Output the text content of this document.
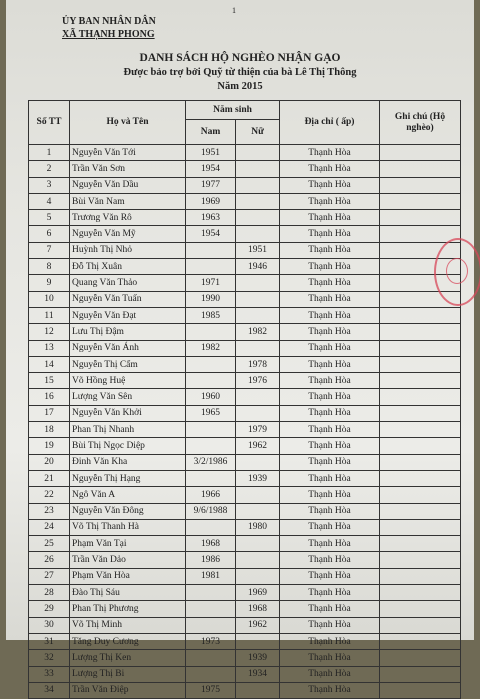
1
ỦY BAN NHÂN DÂN
XÃ THẠNH PHONG
DANH SÁCH HỘ NGHÈO NHẬN GẠO
Được bảo trợ bởi Quỹ từ thiện của bà Lê Thị Thông
Năm 2015
Số TT	Họ và Tên	Năm sinh		Địa chỉ ( ấp)	Ghi chú (Hộ nghèo)
		Nam	Nữ		
1	Nguyễn Văn Tới	1951		Thạnh Hòa	
2	Trần Văn Sơn	1954		Thạnh Hòa	
3	Nguyễn Văn Dầu	1977		Thạnh Hòa	
4	Bùi Văn Nam	1969		Thạnh Hòa	
5	Trương Văn Rô	1963		Thạnh Hòa	
6	Nguyễn Văn Mỹ	1954		Thạnh Hòa	
7	Huỳnh Thị Nhỏ		1951	Thạnh Hòa	
8	Đỗ Thị Xuân		1946	Thạnh Hòa	
9	Quang Văn Thảo	1971		Thạnh Hòa	
10	Nguyễn Văn Tuấn	1990		Thạnh Hòa	
11	Nguyễn Văn Đạt	1985		Thạnh Hòa	
12	Lưu Thị Đậm		1982	Thạnh Hòa	
13	Nguyễn Văn Ánh	1982		Thạnh Hòa	
14	Nguyễn Thị Cẩm		1978	Thạnh Hòa	
15	Võ Hồng Huệ		1976	Thạnh Hòa	
16	Lượng Văn Sên	1960		Thạnh Hòa	
17	Nguyễn Văn Khởi	1965		Thạnh Hòa	
18	Phan Thị Nhanh		1979	Thạnh Hòa	
19	Bùi Thị Ngọc Diệp		1962	Thạnh Hòa	
20	Đinh Văn Kha	3/2/1986		Thạnh Hòa	
21	Nguyễn Thị Hạng		1939	Thạnh Hòa	
22	Ngô Văn A	1966		Thạnh Hòa	
23	Nguyễn Văn Đông	9/6/1988		Thạnh Hòa	
24	Võ Thị Thanh Hà		1980	Thạnh Hòa	
25	Phạm Văn Tại	1968		Thạnh Hòa	
26	Trần Văn Dảo	1986		Thạnh Hòa	
27	Phạm Văn Hòa	1981		Thạnh Hòa	
28	Đào Thị Sáu		1969	Thạnh Hòa	
29	Phan Thị Phương		1968	Thạnh Hòa	
30	Võ Thị Minh		1962	Thạnh Hòa	
31	Tăng Duy Cương	1973		Thạnh Hòa	
32	Lượng Thị Ken		1939	Thạnh Hòa	
33	Lượng Thị Bi		1934	Thạnh Hòa	
34	Trần Văn Điệp	1975		Thạnh Hòa	
